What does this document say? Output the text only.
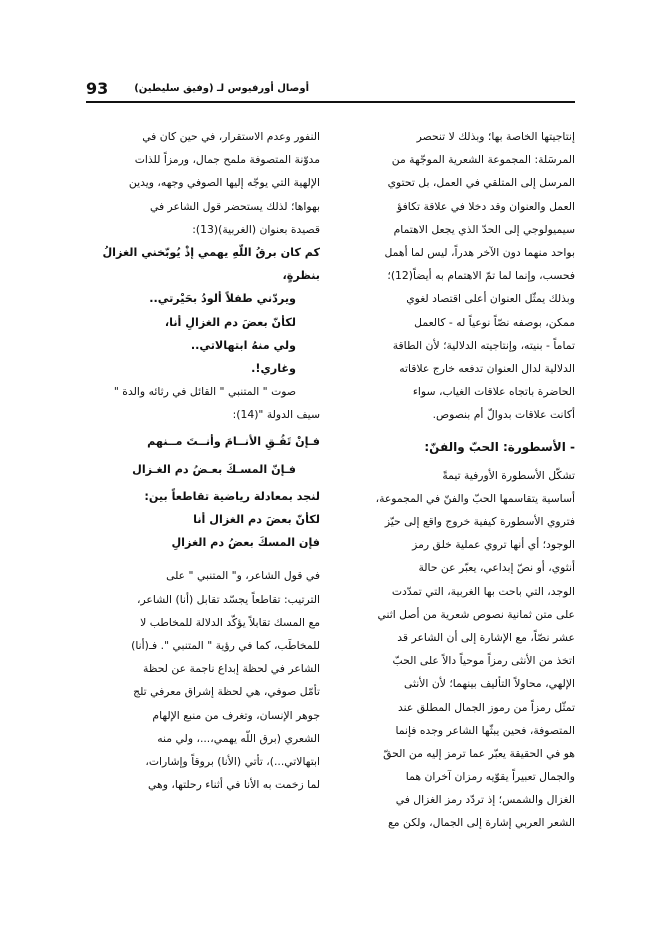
93	أوصال أورفيوس لـ (وفيق سليطين)
إنتاجيتها الخاصة بها؛ وبذلك لا تنحصر
المرسَلة: المجموعة الشعرية الموجّهة من
المرسل إلى المتلقي في العمل، بل تحتوي
العمل والعنوان وقد دخلا في علاقة تكافؤ
سيميولوجي إلى الحدّ الذي يجعل الاهتمام
بواحد منهما دون الآخر هدراً، ليس لما أهمل
فحسب، وإنما لما تمّ الاهتمام به أيضاً(12)؛
وبذلك يمثّل العنوان أعلى اقتصاد لغوي
ممكن، بوصفه نصّاً نوعياً له - كالعمل
تماماً - بنيته، وإنتاجيته الدلالية؛ لأن الطاقة
الدلالية لدال العنوان تدفعه خارج علاقاته
الحاضرة باتجاه علاقات الغياب، سواء
أكانت علاقات بدوالّ أم بنصوص.
- الأسطورة: الحبّ والفنّ:
تشكّل الأسطورة الأورفية تيمةً
أساسية يتقاسمها الحبّ والفنّ في المجموعة،
فتروي الأسطورة كيفية خروج واقع إلى حيّز
الوجود؛ أي أنها تروي عملية خلق رمز
أنثوي، أو نصّ إبداعي، يعبّر عن حالة
الوجد، التي باحت بها الغربية، التي تمدّدت
على متن ثمانية نصوص شعرية من أصل اثني
عشر نصّاً، مع الإشارة إلى أن الشاعر قد
اتخذ من الأنثى رمزاً موحياً دالاً على الحبّ
الإلهي، محاولاً التأليف بينهما؛ لأن الأنثى
تمثّل رمزاً من رموز الجمال المطلق عند
المتصوفة، فحين يبثّها الشاعر وجده فإنما
هو في الحقيقة يعبّر عما ترمز إليه من الحقّ
والجمال تعبيراً يقوّيه رمزان آخران هما
الغزال والشمس؛ إذ تردّد رمز الغزال في
الشعر العربي إشارة إلى الجمال، ولكن مع
النفور وعدم الاستقرار، في حين كان في
مدوّنة المتصوفة ملمح جمال، ورمزاً للذات
الإلهية التي يوجّه إليها الصوفي وجهه، ويدين
بهواها؛ لذلك يستحضر قول الشاعر في
قصيدة بعنوان (الغربية)(13):
كم كان برقُ اللّهِ يهمي إذْ يُوبّخني الغزالُ
بنظرةٍ،
ويردّني طفلاً ألودُ بحَيْرتي..
لكأنّ بعضَ دم الغزالِ أنا،
ولي منهُ ابتهالاتي..
وغاري!.
صوت " المتنبي " القائل في رثائه والدة "
سيف الدولة "(14):
فـإنْ تَفُـقِ الأنــامَ وأنــتَ مــنهم
فـإنّ المسـكَ بعـضُ دم الغـزال
لنجد بمعادلة رياضية تقاطعاً بين:
لكأنّ بعضَ دم الغزال أنا
فإن المسكَ بعضُ دم الغزالِ
في قول الشاعر، و" المتنبي " على
الترتيب: تقاطعاً يجسّد تقابل (أنا) الشاعر،
مع المسك تقابلاً يؤكّد الدلالة للمخاطب لا
للمخاطَب، كما في رؤية " المتنبي ". فـ(أنا)
الشاعر في لحظة إبداع ناجمة عن لحظة
تأمّل صوفي، هي لحظة إشراق معرفي تلج
جوهر الإنسان، وتغرف من منبع الإلهام
الشعري (برق اللّه يهمي،...، ولي منه
ابتهالاتي...)، تأتي (الأنا) بروقاً وإشارات،
لما زخمت به الأنا في أثناء رحلتها، وهي
